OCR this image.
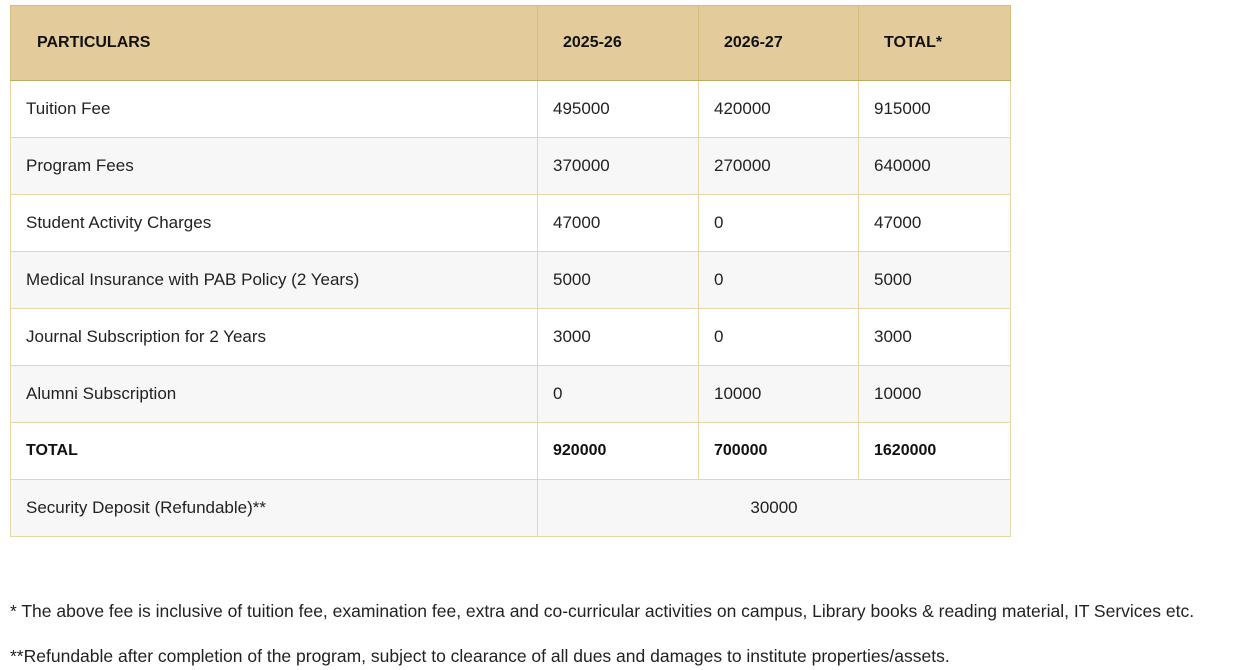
PARTICULARS	2025-26	2026-27	TOTAL*
Tuition Fee	495000	420000	915000
Program Fees	370000	270000	640000
Student Activity Charges	47000	0	47000
Medical Insurance with PAB Policy (2 Years)	5000	0	5000
Journal Subscription for 2 Years	3000	0	3000
Alumni Subscription	0	10000	10000
TOTAL	920000	700000	1620000
Security Deposit (Refundable)**	30000		

* The above fee is inclusive of tuition fee, examination fee, extra and co-curricular activities on campus, Library books & reading material, IT Services etc.

**Refundable after completion of the program, subject to clearance of all dues and damages to institute properties/assets.
